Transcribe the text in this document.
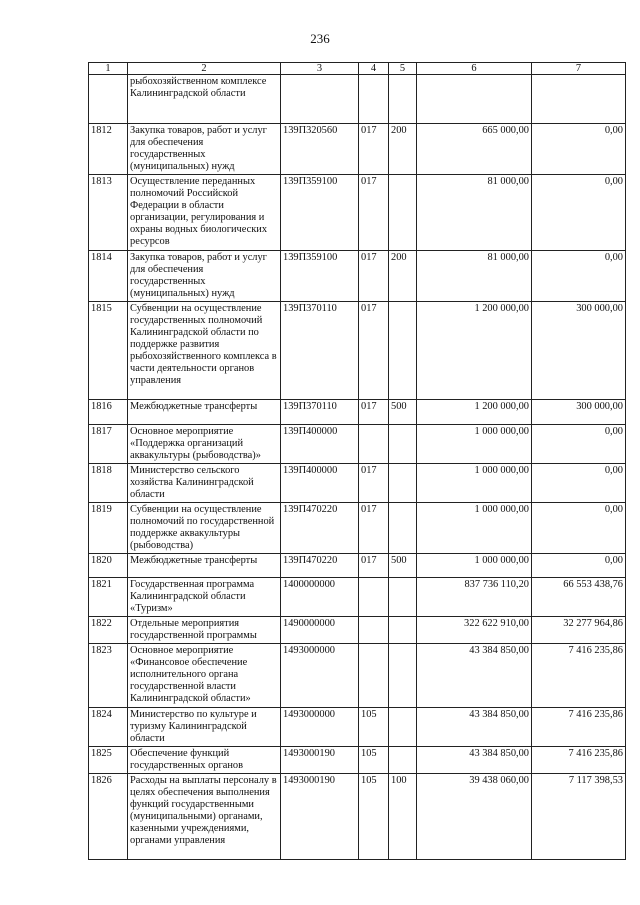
236
1	2	3	4	5	6	7
	рыбохозяйственном комплексе Калининградской области					
1812	Закупка товаров, работ и услуг для обеспечения государственных (муниципальных) нужд	139П320560	017	200	665 000,00	0,00
1813	Осуществление переданных полномочий Российской Федерации в области организации, регулирования и охраны водных биологических ресурсов	139П359100	017		81 000,00	0,00
1814	Закупка товаров, работ и услуг для обеспечения государственных (муниципальных) нужд	139П359100	017	200	81 000,00	0,00
1815	Субвенции на осуществление государственных полномочий Калининградской области по поддержке развития рыбохозяйственного комплекса в части деятельности органов управления	139П370110	017		1 200 000,00	300 000,00
1816	Межбюджетные трансферты	139П370110	017	500	1 200 000,00	300 000,00
1817	Основное мероприятие «Поддержка организаций аквакультуры (рыбоводства)»	139П400000			1 000 000,00	0,00
1818	Министерство сельского хозяйства Калининградской области	139П400000	017		1 000 000,00	0,00
1819	Субвенции на осуществление полномочий по государственной поддержке аквакультуры (рыбоводства)	139П470220	017		1 000 000,00	0,00
1820	Межбюджетные трансферты	139П470220	017	500	1 000 000,00	0,00
1821	Государственная программа Калининградской области «Туризм»	1400000000			837 736 110,20	66 553 438,76
1822	Отдельные мероприятия государственной программы	1490000000			322 622 910,00	32 277 964,86
1823	Основное мероприятие «Финансовое обеспечение исполнительного органа государственной власти Калининградской области»	1493000000			43 384 850,00	7 416 235,86
1824	Министерство по культуре и туризму Калининградской области	1493000000	105		43 384 850,00	7 416 235,86
1825	Обеспечение функций государственных органов	1493000190	105		43 384 850,00	7 416 235,86
1826	Расходы на выплаты персоналу в целях обеспечения выполнения функций государственными (муниципальными) органами, казенными учреждениями, органами управления	1493000190	105	100	39 438 060,00	7 117 398,53
